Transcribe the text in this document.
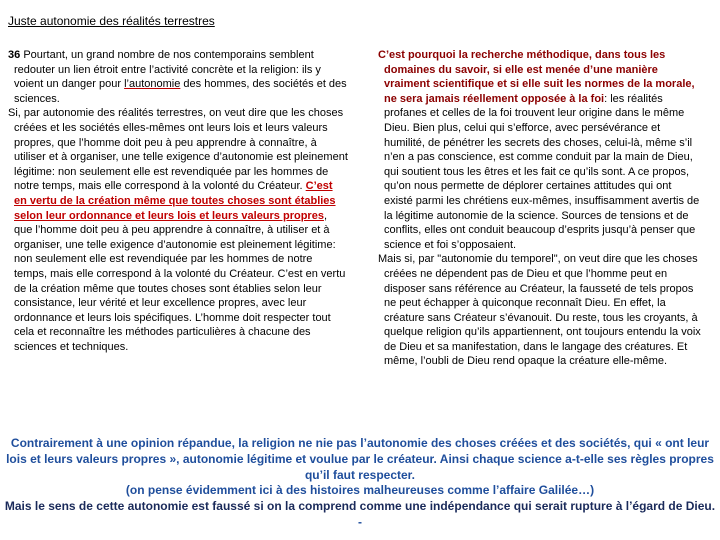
Juste autonomie des réalités terrestres

36 Pourtant, un grand nombre de nos contemporains semblent redouter un lien étroit entre l’activité concrète et la religion: ils y voient un danger pour l’autonomie des hommes, des sociétés et des sciences.

Si, par autonomie des réalités terrestres, on veut dire que les choses créées et les sociétés elles-mêmes ont leurs lois et leurs valeurs propres, que l’homme doit peu à peu apprendre à connaître, à utiliser et à organiser, une telle exigence d’autonomie est pleinement légitime: non seulement elle est revendiquée par les hommes de notre temps, mais elle correspond à la volonté du Créateur. C’est en vertu de la création même que toutes choses sont établies selon leur ordonnance et leurs lois et leurs valeurs propres, que l’homme doit peu à peu apprendre à connaître, à utiliser et à organiser, une telle exigence d’autonomie est pleinement légitime: non seulement elle est revendiquée par les hommes de notre temps, mais elle correspond à la volonté du Créateur. C’est en vertu de la création même que toutes choses sont établies selon leur consistance, leur vérité et leur excellence propres, avec leur ordonnance et leurs lois spécifiques. L’homme doit respecter tout cela et reconnaître les méthodes particulières à chacune des sciences et techniques.

C’est pourquoi la recherche méthodique, dans tous les domaines du savoir, si elle est menée d’une manière vraiment scientifique et si elle suit les normes de la morale, ne sera jamais réellement opposée à la foi: les réalités profanes et celles de la foi trouvent leur origine dans le même Dieu. Bien plus, celui qui s’efforce, avec persévérance et humilité, de pénétrer les secrets des choses, celui-là, même s’il n’en a pas conscience, est comme conduit par la main de Dieu, qui soutient tous les êtres et les fait ce qu’ils sont. A ce propos, qu’on nous permette de déplorer certaines attitudes qui ont existé parmi les chrétiens eux-mêmes, insuffisamment avertis de la légitime autonomie de la science. Sources de tensions et de conflits, elles ont conduit beaucoup d’esprits jusqu’à penser que science et foi s’opposaient.

Mais si, par "autonomie du temporel", on veut dire que les choses créées ne dépendent pas de Dieu et que l’homme peut en disposer sans référence au Créateur, la fausseté de tels propos ne peut échapper à quiconque reconnaît Dieu. En effet, la créature sans Créateur s’évanouit. Du reste, tous les croyants, à quelque religion qu’ils appartiennent, ont toujours entendu la voix de Dieu et sa manifestation, dans le langage des créatures. Et même, l’oubli de Dieu rend opaque la créature elle-même.

Contrairement à une opinion répandue, la religion ne nie pas l’autonomie des choses créées et des sociétés, qui « ont leur lois et leurs valeurs propres », autonomie légitime et voulue par le créateur. Ainsi chaque science a-t-elle ses règles propres qu’il faut respecter.

(on pense évidemment ici à des histoires malheureuses comme l’affaire Galilée…)

Mais le sens de cette autonomie est faussé si on la comprend comme une indépendance qui serait rupture à l’égard de Dieu.

-
